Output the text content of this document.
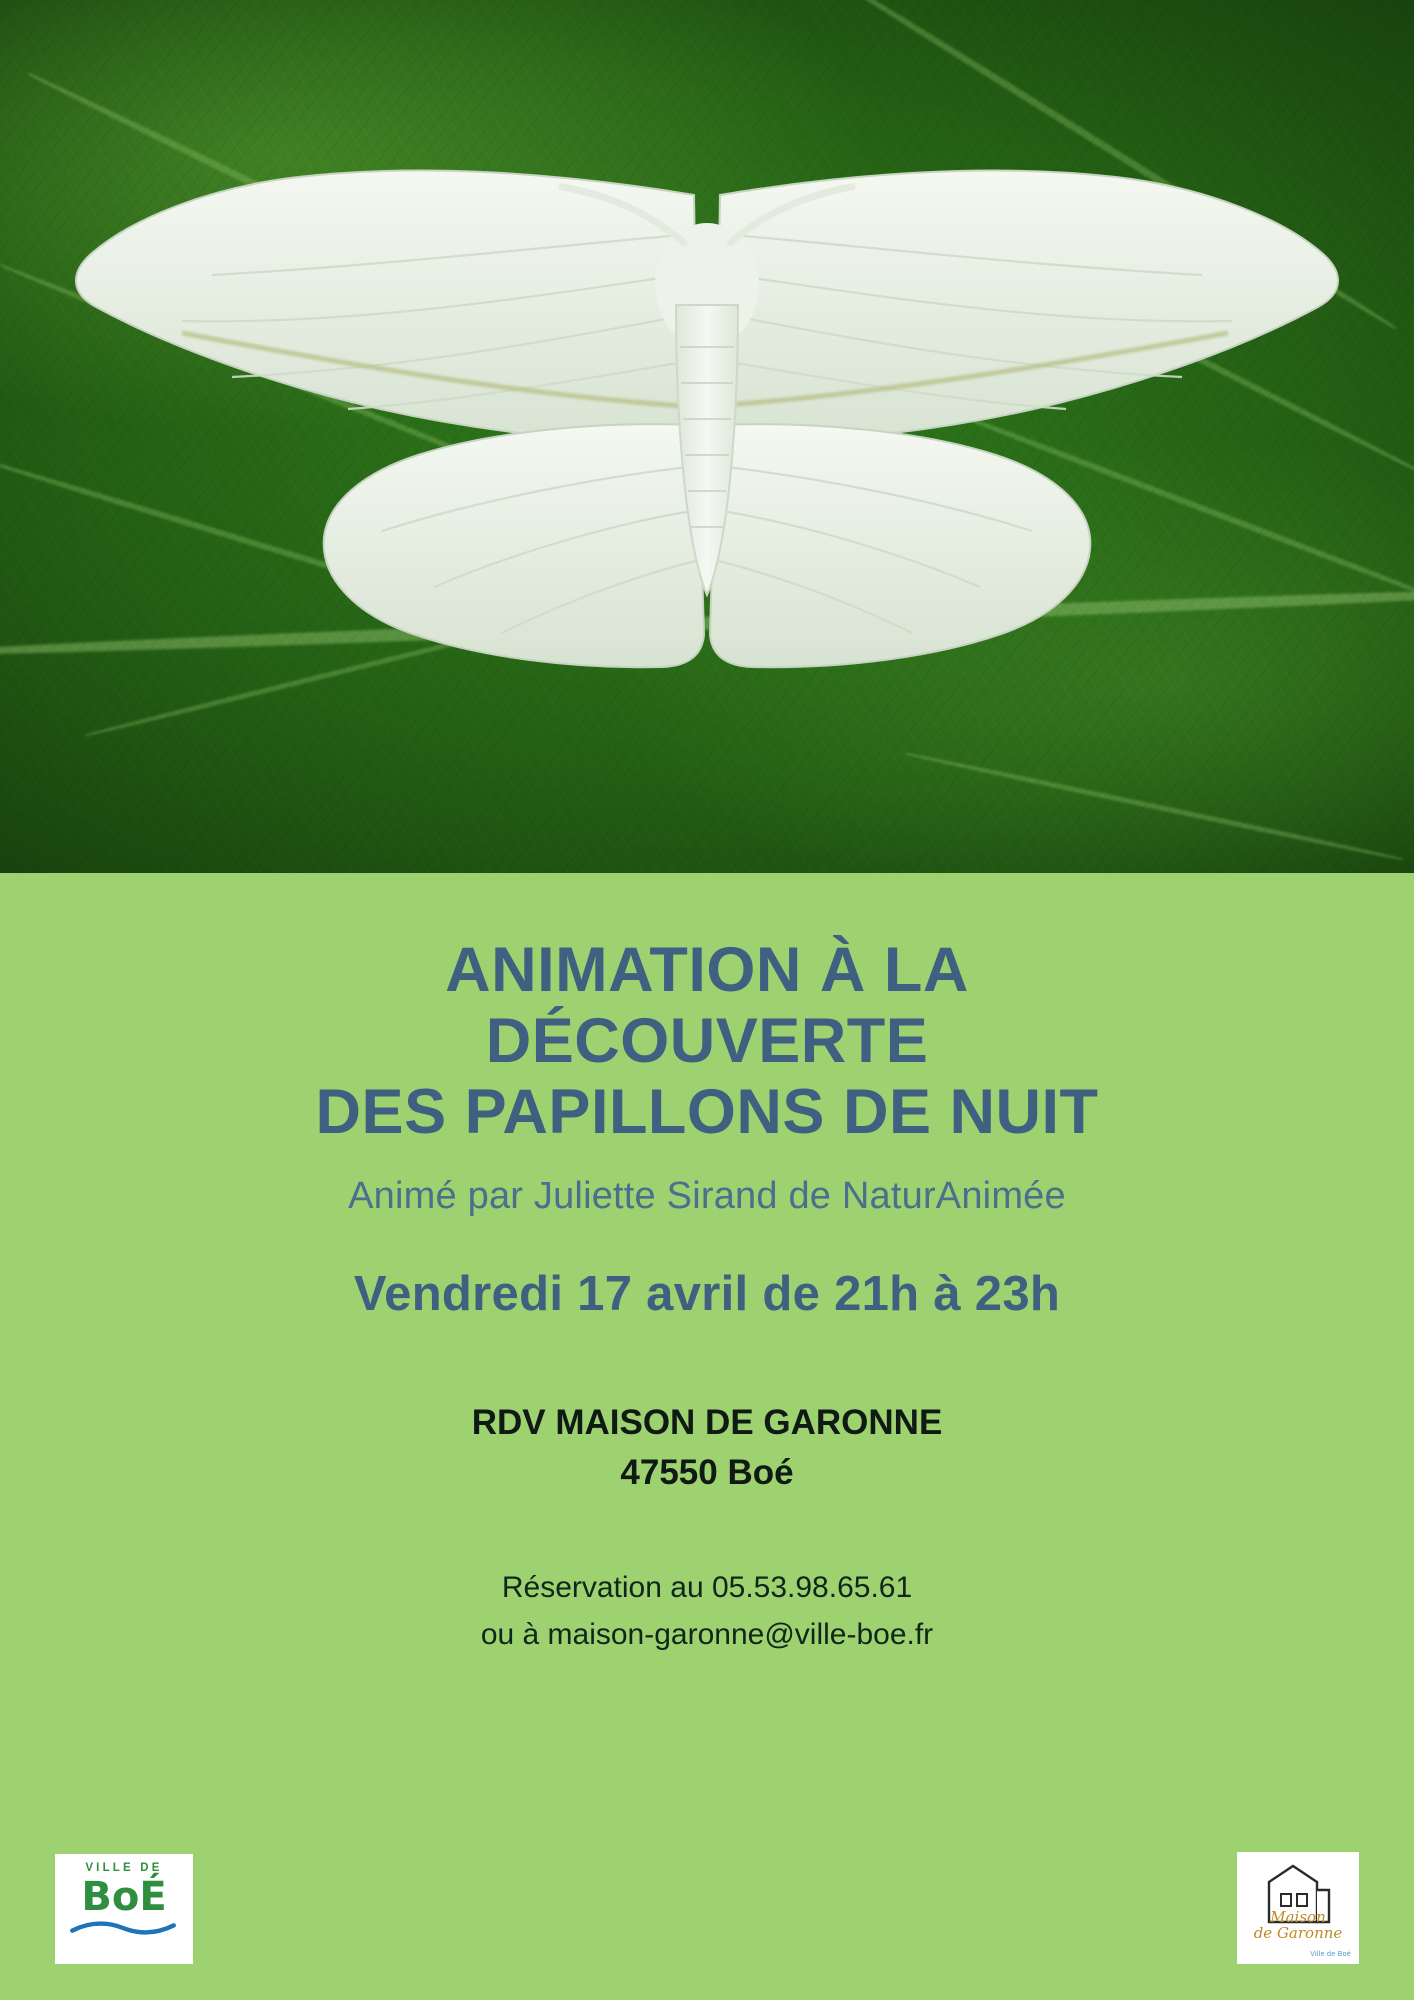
ANIMATION À LA
DÉCOUVERTE
DES PAPILLONS DE NUIT

Animé par Juliette Sirand de NaturAnimée

Vendredi 17 avril de 21h à 23h

RDV MAISON DE GARONNE
47550 Boé

Réservation au 05.53.98.65.61
ou à maison-garonne@ville-boe.fr

VILLE DE
BoÉ	Maison
de Garonne
Ville de Boé
